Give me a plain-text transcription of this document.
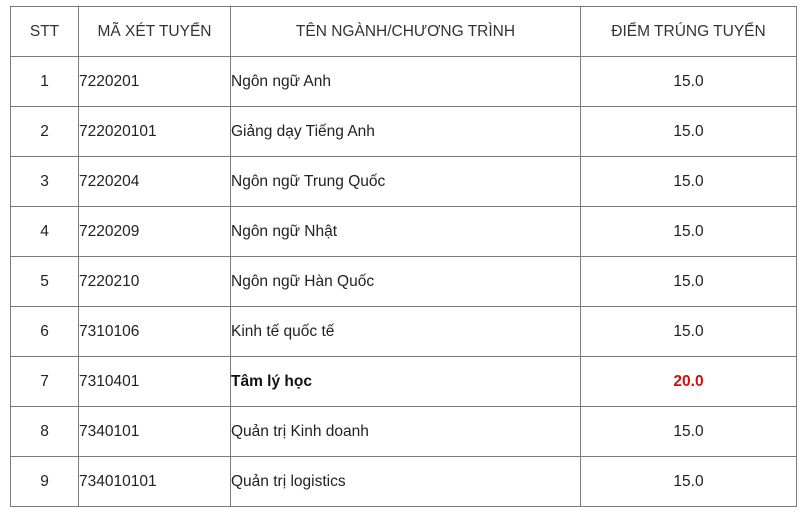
STT	MÃ XÉT TUYỂN	TÊN NGÀNH/CHƯƠNG TRÌNH	ĐIỂM TRÚNG TUYỂN
1	7220201	Ngôn ngữ Anh	15.0
2	722020101	Giảng dạy Tiếng Anh	15.0
3	7220204	Ngôn ngữ Trung Quốc	15.0
4	7220209	Ngôn ngữ Nhật	15.0
5	7220210	Ngôn ngữ Hàn Quốc	15.0
6	7310106	Kinh tế quốc tế	15.0
7	7310401	Tâm lý học	20.0
8	7340101	Quản trị Kinh doanh	15.0
9	734010101	Quản trị logistics	15.0
